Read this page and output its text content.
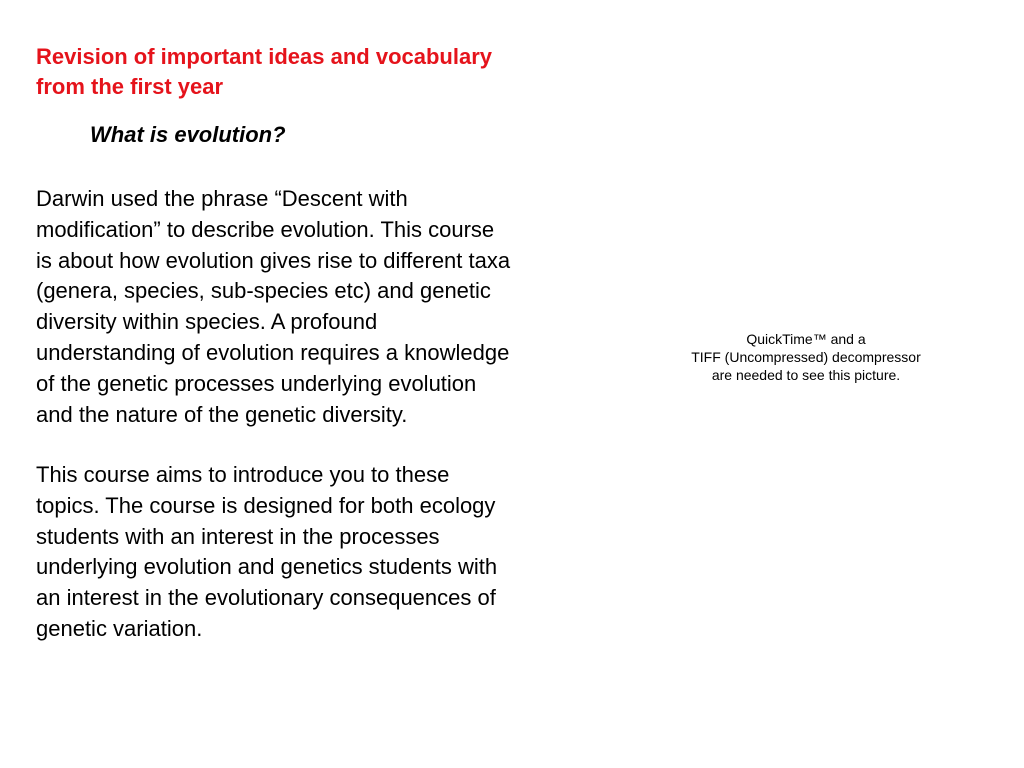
Revision of important ideas and vocabulary
from the first year
What is evolution?

Darwin used the phrase “Descent with
modification” to describe evolution. This course
is about how evolution gives rise to different taxa
(genera, species, sub-species etc) and genetic
diversity within species. A profound
understanding of evolution requires a knowledge
of the genetic processes underlying evolution
and the nature of the genetic diversity.

This course aims to introduce you to these
topics. The course is designed for both ecology
students with an interest in the processes
underlying evolution and genetics students with
an interest in the evolutionary consequences of
genetic variation.

QuickTime™ and a
TIFF (Uncompressed) decompressor
are needed to see this picture.
